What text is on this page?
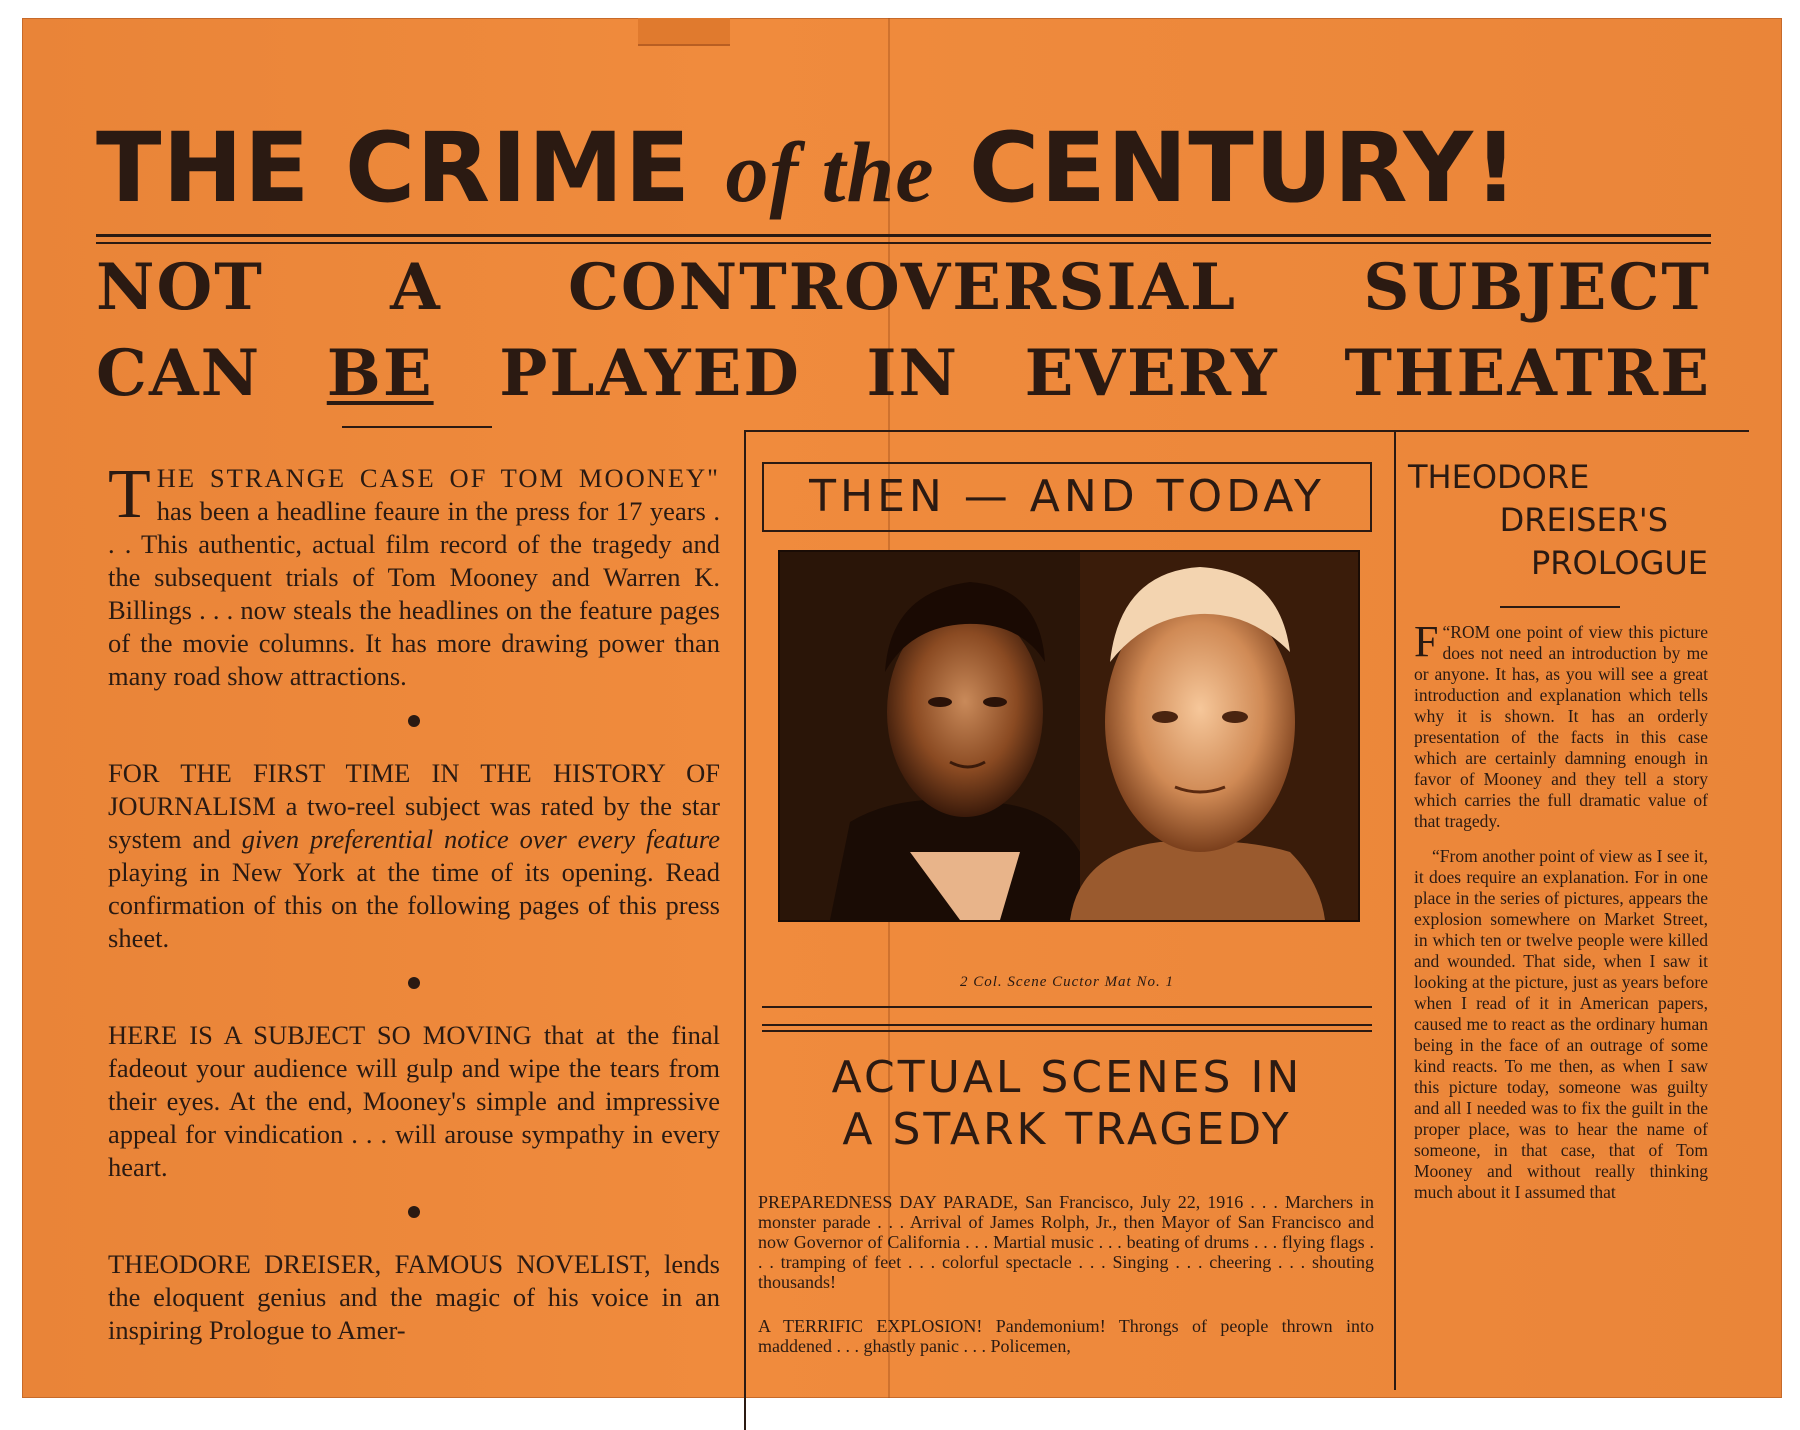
THE CRIME of the CENTURY!
NOT A CONTROVERSIAL SUBJECT
CAN BE PLAYED IN EVERY THEATRE

THE STRANGE CASE OF TOM MOONEY" has been a headline feaure in the press for 17 years . . . This authentic, actual film record of the tragedy and the subsequent trials of Tom Mooney and Warren K. Billings . . . now steals the headlines on the feature pages of the movie columns. It has more drawing power than many road show attractions.

FOR THE FIRST TIME IN THE HISTORY OF JOURNALISM a two-reel subject was rated by the star system and given preferential notice over every feature playing in New York at the time of its opening. Read confirmation of this on the following pages of this press sheet.

HERE IS A SUBJECT SO MOVING that at the final fadeout your audience will gulp and wipe the tears from their eyes. At the end, Mooney's simple and impressive appeal for vindication . . . will arouse sympathy in every heart.

THEODORE DREISER, FAMOUS NOVELIST, lends the eloquent genius and the magic of his voice in an inspiring Prologue to Amer-

THEN — AND TODAY
2 Col. Scene Cuctor Mat No. 1
ACTUAL SCENES IN
A STARK TRAGEDY

PREPAREDNESS DAY PARADE, San Francisco, July 22, 1916 . . . Marchers in monster parade . . . Arrival of James Rolph, Jr., then Mayor of San Francisco and now Governor of California . . . Martial music . . . beating of drums . . . flying flags . . . tramping of feet . . . colorful spectacle . . . Singing . . . cheering . . . shouting thousands!

A TERRIFIC EXPLOSION! Pandemonium! Throngs of people thrown into maddened . . . ghastly panic . . . Policemen,

THEODORE
DREISER'S
PROLOGUE

“
F ROM one point of view this picture does not need an introduction by me or anyone. It has, as you will see a great introduction and explanation which tells why it is shown. It has an orderly presentation of the facts in this case which are certainly damning enough in favor of Mooney and they tell a story which carries the full dramatic value of that tragedy.

“From another point of view as I see it, it does require an explanation. For in one place in the series of pictures, appears the explosion somewhere on Market Street, in which ten or twelve people were killed and wounded. That side, when I saw it looking at the picture, just as years before when I read of it in American papers, caused me to react as the ordinary human being in the face of an outrage of some kind reacts. To me then, as when I saw this picture today, someone was guilty and all I needed was to fix the guilt in the proper place, was to hear the name of someone, in that case, that of Tom Mooney and without really thinking much about it I assumed that
